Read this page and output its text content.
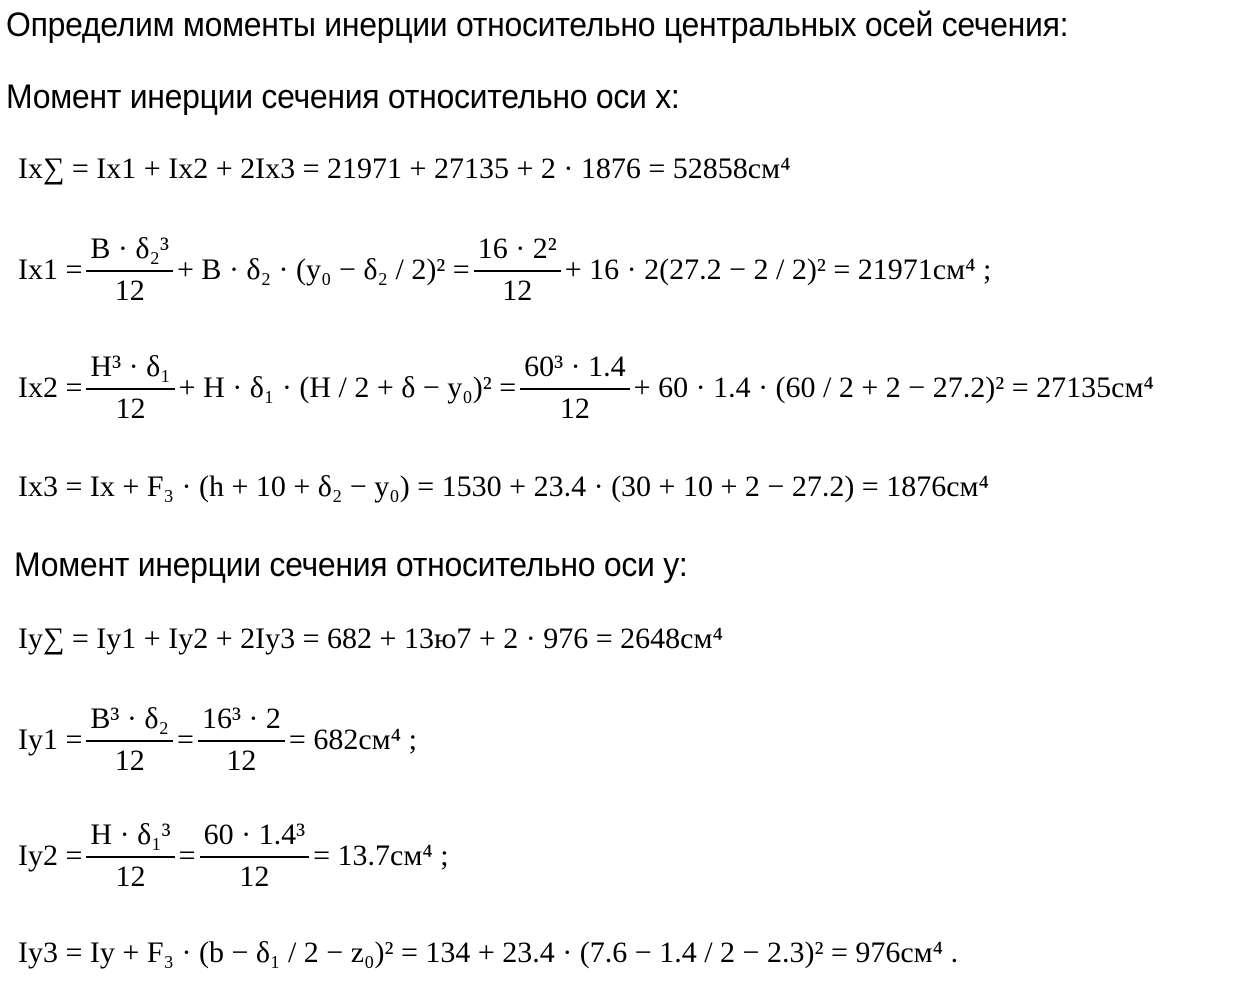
Определим моменты инерции относительно центральных осей сечения:
Момент инерции сечения относительно оси х:
Ix∑ = Ix1 + Ix2 + 2Ix3 = 21971 + 27135 + 2 · 1876 = 52858см⁴
$Ix1 = \frac{\text{B · δ₂³}}{12} + B \cdot \delta_2 \cdot (y_0 - \delta_2 / 2)^2 = \frac{\text{16 · 2²}}{12} + 16 \cdot 2(27.2 - 2 / 2)^2 = 21971см^4$ ;
$Ix2 = \frac{\text{H³ · δ₁}}{12} + H \cdot \delta_1 \cdot (H / 2 + \delta - y_0)^2 = \frac{\text{60³ · 1.4}}{12} + 60 \cdot 1.4 \cdot (60 / 2 + 2 - 27.2)^2 = 27135см^4$
Ix3 = Ix + F₃ · (h + 10 + δ₂ − y₀) = 1530 + 23.4 · (30 + 10 + 2 − 27.2) = 1876см⁴
Момент инерции сечения относительно оси у:
Iy∑ = Iy1 + Iy2 + 2Iy3 = 682 + 13ю7 + 2 · 976 = 2648см⁴
$Iy1 = \frac{\text{B³ · δ₂}}{12} = \frac{\text{16³ · 2}}{12} = 682см^4$ ;
$Iy2 = \frac{\text{H · δ₁³}}{12} = \frac{\text{60 · 1.4³}}{12} = 13.7см^4$ ;
Iy3 = Iy + F₃ · (b − δ₁ / 2 − z₀)² = 134 + 23.4 · (7.6 − 1.4 / 2 − 2.3)² = 976см⁴ .
